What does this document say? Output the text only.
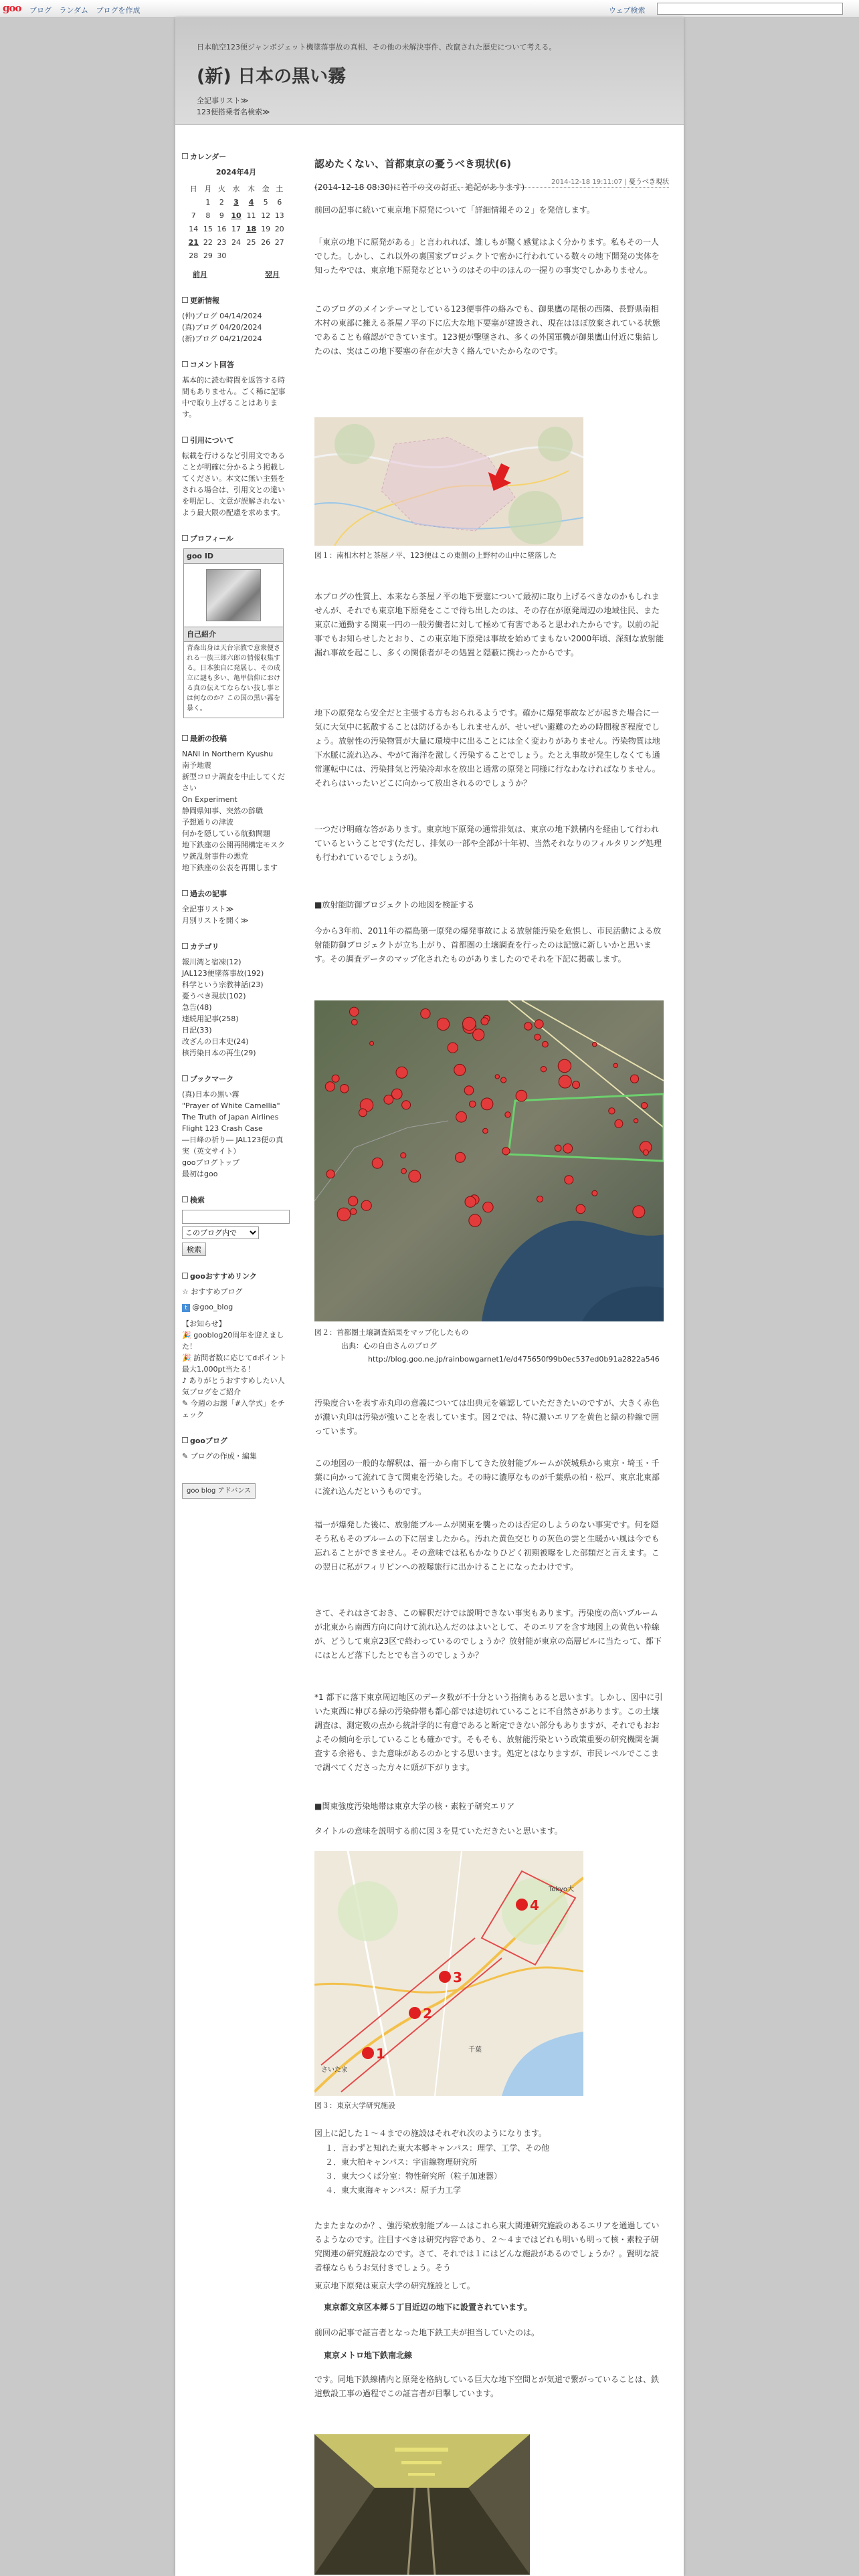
goo ブログ ランダム ブログを作成	ウェブ検索
日本航空123便ジャンボジェット機墜落事故の真相、その他の未解決事件、改竄された歴史について考える。
(新) 日本の黒い霧
全記事リスト≫
123便搭乗者名検索≫
カレンダー
2024年4月
日	月	火	水	木	金	土
	1	2	3	4	5	6
7	8	9	10	11	12	13
14	15	16	17	18	19	20
21	22	23	24	25	26	27
28	29	30				
前月	翌月
更新情報
(仲)ブログ 04/14/2024
(真)ブログ 04/20/2024
(新)ブログ 04/21/2024
コメント回答
基本的に読む時間を返答する時間もありません。ごく稀に記事中で取り上げることはあります。
引用について
転載を行けるなど引用文であることが明確に分かるよう掲載してください。本文に無い主張をされる場合は、引用文との違いを明記し、文意が誤解されないよう最大限の配慮を求めます。
プロフィール
goo ID
自己紹介
青森出身は天台宗教で意衆便される一族三郎六郎の情報収集する。日本独自に発展し、その成立に謎も多い、亀甲信仰における真の伝えてならない技し事とは何なのか？この国の黒い霧を暴く。
最新の投稿
NANI in Northern Kyushu
南予地震
新型コロナ調査を中止してください
On Experiment
静岡県知事、突然の辞職
予想通りの津波
何かを隠している航動問題
地下鉄座の公開再開構定モスクワ銃乱射事件の悪党
地下鉄座の公表を再開します
過去の記事
全記事リスト≫
月別リストを開く≫
カテゴリ
報川湾と宿凍(12)
JAL123便墜落事故(192)
科学という宗教神話(23)
憂うべき現状(102)
急告(48)
連続用記事(258)
日記(33)
改ざんの日本史(24)
核汚染日本の再生(29)
ブックマーク
(真)日本の黒い霧
"Prayer of White Camellia" The Truth of Japan Airlines Flight 123 Crash Case
―日峰の祈り― JAL123便の真実（英文サイト）
gooブログトップ
最初はgoo
検索

このブログ内で
検索
gooおすすめリンク
☆ おすすめブログ
t @goo_blog
【お知らせ】
🎉 gooblog20周年を迎えました！
🎉 訪問者数に応じてdポイント最大1,000pt当たる！
♪ ありがとうおすすめしたい人気ブログをご紹介
✎ 今週のお題「#入学式」をチェック
gooブログ
✎ ブログの作成・編集
goo blog アドバンス
認めたくない、首都東京の憂うべき現状(6)
2014-12-18 19:11:07 | 憂うべき現状
(2014-12-18 08:30)に若干の文の訂正、追記があります)
前回の記事に続いて東京地下原発について「詳細情報その２」を発信します。
「東京の地下に原発がある」と言われれば、誰しもが驚く感覚はよく分かります。私もその一人でした。しかし、これ以外の裏国家プロジェクトで密かに行われている数々の地下開発の実体を知ったやでは、東京地下原発などというのはその中のほんの一握りの事実でしかありません。
このブログのメインテーマとしている123便事件の絡みでも、御巣鷹の尾根の西隣、長野県南相木村の東部に擁える茶屋ノ平の下に広大な地下要塞が建設され、現在はほぼ放棄されている状態であることも確認ができています。123便が撃墜され、多くの外国軍機が御巣鷹山付近に集結したのは、実はこの地下要塞の存在が大きく絡んでいたからなのです。
図１：南相木村と茶屋ノ平、123便はこの東側の上野村の山中に墜落した
本ブログの性質上、本来なら茶屋ノ平の地下要塞について最初に取り上げるべきなのかもしれませんが、それでも東京地下原発をここで待ち出したのは、その存在が原発周辺の地域住民、また東京に通勤する関東一円の一般労働者に対して極めて有害であると思われたからです。以前の記事でもお知らせしたとおり、この東京地下原発は事故を始めてまもない2000年頃、深刻な放射能漏れ事故を起こし、多くの関係者がその処置と隠蔽に携わったからです。
地下の原発なら安全だと主張する方もおられるようです。確かに爆発事故などが起きた場合に一気に大気中に拡散することは防げるかもしれませんが、せいぜい避難のための時間稼ぎ程度でしょう。放射性の汚染物質が大量に環境中に出ることには全く変わりがありません。汚染物質は地下水脈に流れ込み、やがて海洋を激しく汚染することでしょう。たとえ事故が発生しなくても通常運転中には、汚染排気と汚染冷却水を放出と通常の原発と同様に行なわなければなりません。それらはいったいどこに向かって放出されるのでしょうか？
一つだけ明確な答があります。東京地下原発の通常排気は、東京の地下鉄構内を経由して行われているということです(ただし、排気の一部や全部が十年初、当然それなりのフィルタリング処理も行われているでしょうが)。
■放射能防御プロジェクトの地図を検証する
今から3年前、2011年の福島第一原発の爆発事故による放射能汚染を危惧し、市民活動による放射能防御プロジェクトが立ち上がり、首都圏の土壌調査を行ったのは記憶に新しいかと思います。その調査データのマップ化されたものがありましたのでそれを下記に掲載します。
図２：首都圏土壌調査結果をマップ化したもの
出典：心の自由さんのブログ
http://blog.goo.ne.jp/rainbowgarnet1/e/d475650f99b0ec537ed0b91a2822a546
汚染度合いを表す赤丸印の意義については出典元を確認していただきたいのですが、大きく赤色が濃い丸印は汚染が強いことを表しています。図２では、特に濃いエリアを黄色と緑の枠線で囲っています。
この地図の一般的な解釈は、福一から南下してきた放射能プルームが茨城県から東京・埼玉・千葉に向かって流れてきて関東を汚染した。その時に濃厚なものが千葉県の柏・松戸、東京北東部に流れ込んだというものです。
福一が爆発した後に、放射能プルームが関東を襲ったのは否定のしようのない事実です。何を隠そう私もそのプルームの下に居ましたから。汚れた黄色交じりの灰色の雲と生暖かい風は今でも忘れることができません。その意味では私もかなりひどく初期被曝をした部類だと言えます。この翌日に私がフィリピンへの被曝旅行に出かけることになったわけです。
さて、それはさておき、この解釈だけでは説明できない事実もあります。汚染度の高いプルームが北東から南西方向に向けて流れ込んだのはよいとして、そのエリアを含す地図上の黄色い枠線が、どうして東京23区で終わっているのでしょうか？放射能が東京の高層ビルに当たって、都下にはとんど落下したとでも言うのでしょうか？
*1 都下に落下東京周辺地区のデータ数が不十分という指摘もあると思います。しかし、図中に引いた東西に伸びる緑の汚染砕帯も都心部では途切れていることに不自然さがあります。この土壌調査は、測定数の点から統計学的に有意であると断定できない部分もありますが、それでもおおよその傾向を示していることも確かです。そもそも、放射能汚染という政策重要の研究機関を調査する余裕も、また意味があるのかとする思います。処定とはなりますが、市民レベルでここまで調べてくださった方々に頭が下がります。
■関東強度汚染地帯は東京大学の核・素粒子研究エリア
タイトルの意味を説明する前に図３を見ていただきたいと思います。
Tokyo大
4
3
2
1
さいたま
千葉
図３：東京大学研究施設
図上に記した１～４までの施設はそれぞれ次のようになります。
１．言わずと知れた東大本郷キャンパス：理学、工学、その他
２．東大柏キャンパス：宇宙線物理研究所
３．東大つくば分室：物性研究所（粒子加速器）
４．東大東海キャンパス：原子力工学
たまたまなのか？、強汚染放射能プルームはこれら東大関連研究施設のあるエリアを通過しているようなのです。注目すべきは研究内容であり、２～４まではどれも明いも明って核・素粒子研究関連の研究施設なのです。さて、それでは１にはどんな施設があるのでしょうか？。賢明な読者様ならもうお気付きでしょう。そう
東京地下原発は東京大学の研究施設として。
東京都文京区本郷５丁目近辺の地下に設置されています。
前回の記事で証言者となった地下鉄工夫が担当していたのは。
東京メトロ地下鉄南北線
です。同地下鉄線構内と原発を格納している巨大な地下空間とが気道で繋がっていることは、鉄道敷設工事の過程でこの証言者が目撃しています。
